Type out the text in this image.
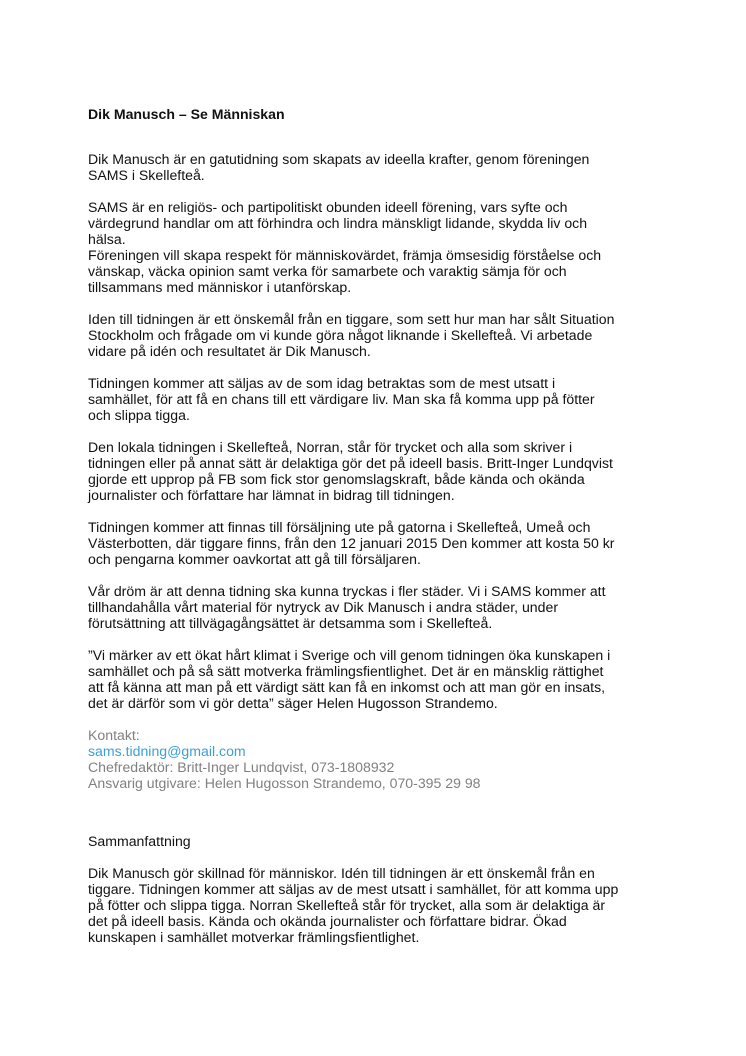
Dik Manusch – Se Människan
Dik Manusch är en gatutidning som skapats av ideella krafter, genom föreningen
SAMS i Skellefteå.
SAMS är en religiös- och partipolitiskt obunden ideell förening, vars syfte och
värdegrund handlar om att förhindra och lindra mänskligt lidande, skydda liv och
hälsa.
Föreningen vill skapa respekt för människovärdet, främja ömsesidig förståelse och
vänskap, väcka opinion samt verka för samarbete och varaktig sämja för och
tillsammans med människor i utanförskap.
Iden till tidningen är ett önskemål från en tiggare, som sett hur man har sålt Situation
Stockholm och frågade om vi kunde göra något liknande i Skellefteå. Vi arbetade
vidare på idén och resultatet är Dik Manusch.
Tidningen kommer att säljas av de som idag betraktas som de mest utsatt i
samhället, för att få en chans till ett värdigare liv. Man ska få komma upp på fötter
och slippa tigga.
Den lokala tidningen i Skellefteå, Norran, står för trycket och alla som skriver i
tidningen eller på annat sätt är delaktiga gör det på ideell basis. Britt-Inger Lundqvist
gjorde ett upprop på FB som fick stor genomslagskraft, både kända och okända
journalister och författare har lämnat in bidrag till tidningen.
Tidningen kommer att finnas till försäljning ute på gatorna i Skellefteå, Umeå och
Västerbotten, där tiggare finns, från den 12 januari 2015 Den kommer att kosta 50 kr
och pengarna kommer oavkortat att gå till försäljaren.
Vår dröm är att denna tidning ska kunna tryckas i fler städer. Vi i SAMS kommer att
tillhandahålla vårt material för nytryck av Dik Manusch i andra städer, under
förutsättning att tillvägagångsättet är detsamma som i Skellefteå.
”Vi märker av ett ökat hårt klimat i Sverige och vill genom tidningen öka kunskapen i
samhället och på så sätt motverka främlingsfientlighet. Det är en mänsklig rättighet
att få känna att man på ett värdigt sätt kan få en inkomst och att man gör en insats,
det är därför som vi gör detta” säger Helen Hugosson Strandemo.
Kontakt:
sams.tidning@gmail.com
Chefredaktör: Britt-Inger Lundqvist, 073-1808932
Ansvarig utgivare: Helen Hugosson Strandemo, 070-395 29 98
Sammanfattning
Dik Manusch gör skillnad för människor. Idén till tidningen är ett önskemål från en
tiggare. Tidningen kommer att säljas av de mest utsatt i samhället, för att komma upp
på fötter och slippa tigga. Norran Skellefteå står för trycket, alla som är delaktiga är
det på ideell basis. Kända och okända journalister och författare bidrar. Ökad
kunskapen i samhället motverkar främlingsfientlighet.
